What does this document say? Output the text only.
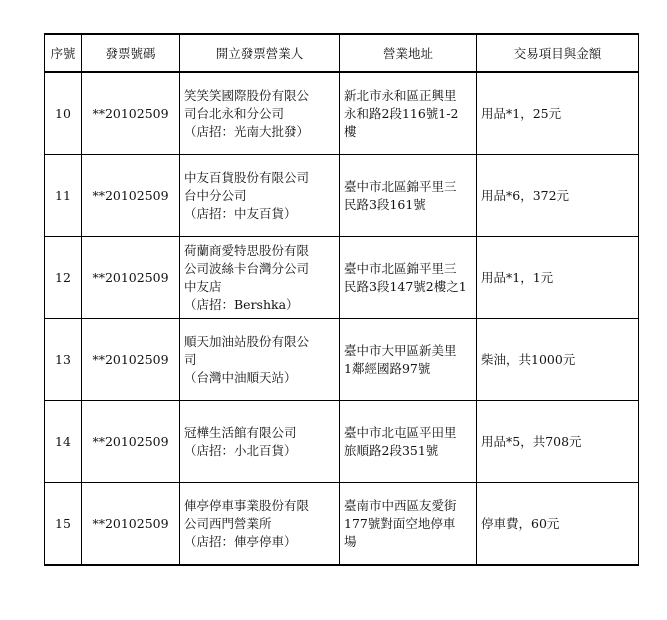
序號	發票號碼	開立發票營業人	營業地址	交易項目與金額
10	**20102509	笑笑笑國際股份有限公
司台北永和分公司
（店招：光南大批發）	新北市永和區正興里
永和路2段116號1-2
樓	用品*1，25元
11	**20102509	中友百貨股份有限公司
台中分公司
（店招：中友百貨）	臺中市北區錦平里三
民路3段161號	用品*6，372元
12	**20102509	荷蘭商愛特思股份有限
公司波絲卡台灣分公司
中友店
（店招：Bershka）	臺中市北區錦平里三
民路3段147號2樓之1	用品*1，1元
13	**20102509	順天加油站股份有限公
司
（台灣中油順天站）	臺中市大甲區新美里
1鄰經國路97號	柴油，共1000元
14	**20102509	冠樺生活館有限公司
（店招：小北百貨）	臺中市北屯區平田里
旅順路2段351號	用品*5，共708元
15	**20102509	俥亭停車事業股份有限
公司西門營業所
（店招：俥亭停車）	臺南市中西區友愛街
177號對面空地停車
場	停車費，60元
